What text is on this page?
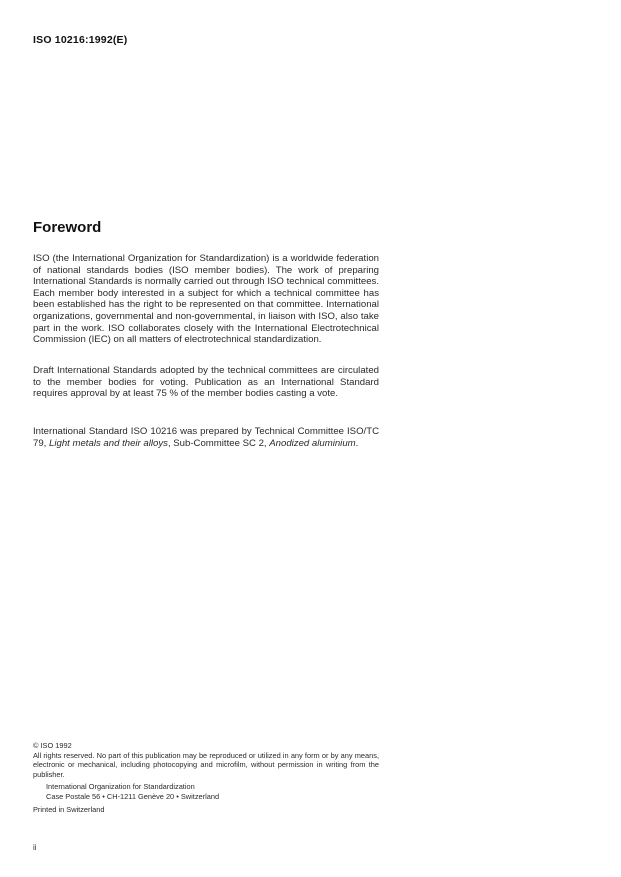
ISO 10216:1992(E)
Foreword

ISO (the International Organization for Standardization) is a worldwide federation of national standards bodies (ISO member bodies). The work of preparing International Standards is normally carried out through ISO technical committees. Each member body interested in a subject for which a technical committee has been established has the right to be represented on that committee. International organizations, governmental and non-governmental, in liaison with ISO, also take part in the work. ISO collaborates closely with the International Electrotechnical Commission (IEC) on all matters of electrotechnical standardization.

Draft International Standards adopted by the technical committees are circulated to the member bodies for voting. Publication as an International Standard requires approval by at least 75 % of the member bodies casting a vote.

International Standard ISO 10216 was prepared by Technical Committee ISO/TC 79, Light metals and their alloys, Sub-Committee SC 2, Anodized aluminium.

© ISO 1992
All rights reserved. No part of this publication may be reproduced or utilized in any form or by any means, electronic or mechanical, including photocopying and microfilm, without permission in writing from the publisher.
International Organization for Standardization
Case Postale 56 • CH-1211 Genève 20 • Switzerland
Printed in Switzerland
ii
